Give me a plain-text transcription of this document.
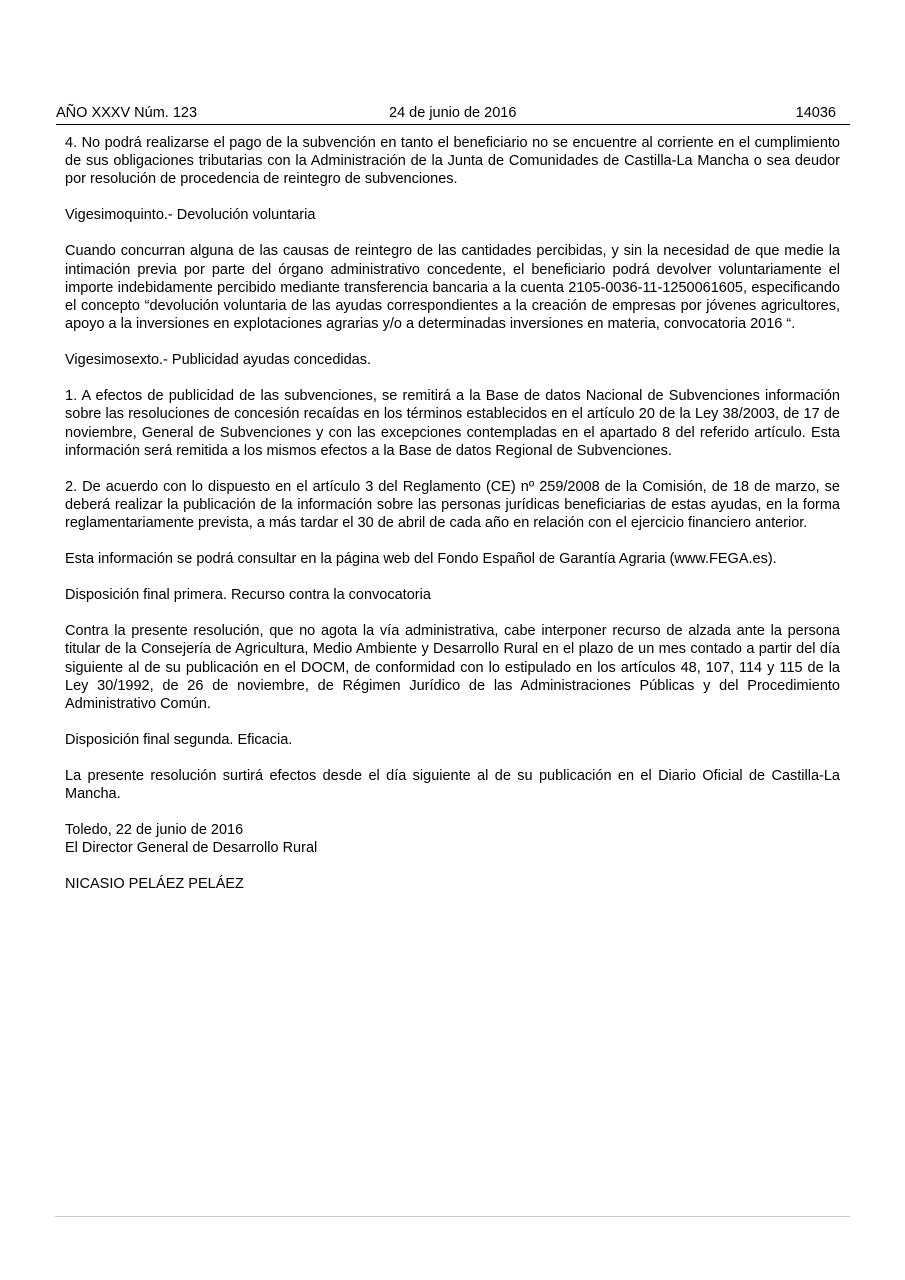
AÑO XXXV Núm. 123	24 de junio de 2016	14036

4. No podrá realizarse el pago de la subvención en tanto el beneficiario no se encuentre al corriente en el cumplimiento de sus obligaciones tributarias con la Administración de la Junta de Comunidades de Castilla-La Mancha o sea deudor por resolución de procedencia de reintegro de subvenciones.

Vigesimoquinto.- Devolución voluntaria

Cuando concurran alguna de las causas de reintegro de las cantidades percibidas, y sin la necesidad de que medie la intimación previa por parte del órgano administrativo concedente, el beneficiario podrá devolver voluntariamente el importe indebidamente percibido mediante transferencia bancaria a la cuenta 2105-0036-11-1250061605, especificando el concepto “devolución voluntaria de las ayudas correspondientes a la creación de empresas por jóvenes agricultores, apoyo a la inversiones en explotaciones agrarias y/o a determinadas inversiones en materia, convocatoria 2016 “.

Vigesimosexto.- Publicidad ayudas concedidas.

1. A efectos de publicidad de las subvenciones, se remitirá a la Base de datos Nacional de Subvenciones información sobre las resoluciones de concesión recaídas en los términos establecidos en el artículo 20 de la Ley 38/2003, de 17 de noviembre, General de Subvenciones y con las excepciones contempladas en el apartado 8 del referido artículo. Esta información será remitida a los mismos efectos a la Base de datos Regional de Subvenciones.

2. De acuerdo con lo dispuesto en el artículo 3 del Reglamento (CE) nº 259/2008 de la Comisión, de 18 de marzo, se deberá realizar la publicación de la información sobre las personas jurídicas beneficiarias de estas ayudas, en la forma reglamentariamente prevista, a más tardar el 30 de abril de cada año en relación con el ejercicio financiero anterior.

Esta información se podrá consultar en la página web del Fondo Español de Garantía Agraria (www.FEGA.es).

Disposición final primera. Recurso contra la convocatoria

Contra la presente resolución, que no agota la vía administrativa, cabe interponer recurso de alzada ante la persona titular de la Consejería de Agricultura, Medio Ambiente y Desarrollo Rural en el plazo de un mes contado a partir del día siguiente al de su publicación en el DOCM, de conformidad con lo estipulado en los artículos 48, 107, 114 y 115 de la Ley 30/1992, de 26 de noviembre, de Régimen Jurídico de las Administraciones Públicas y del Procedimiento Administrativo Común.

Disposición final segunda. Eficacia.

La presente resolución surtirá efectos desde el día siguiente al de su publicación en el Diario Oficial de Castilla-La Mancha.

Toledo, 22 de junio de 2016

El Director General de Desarrollo Rural

NICASIO PELÁEZ PELÁEZ
